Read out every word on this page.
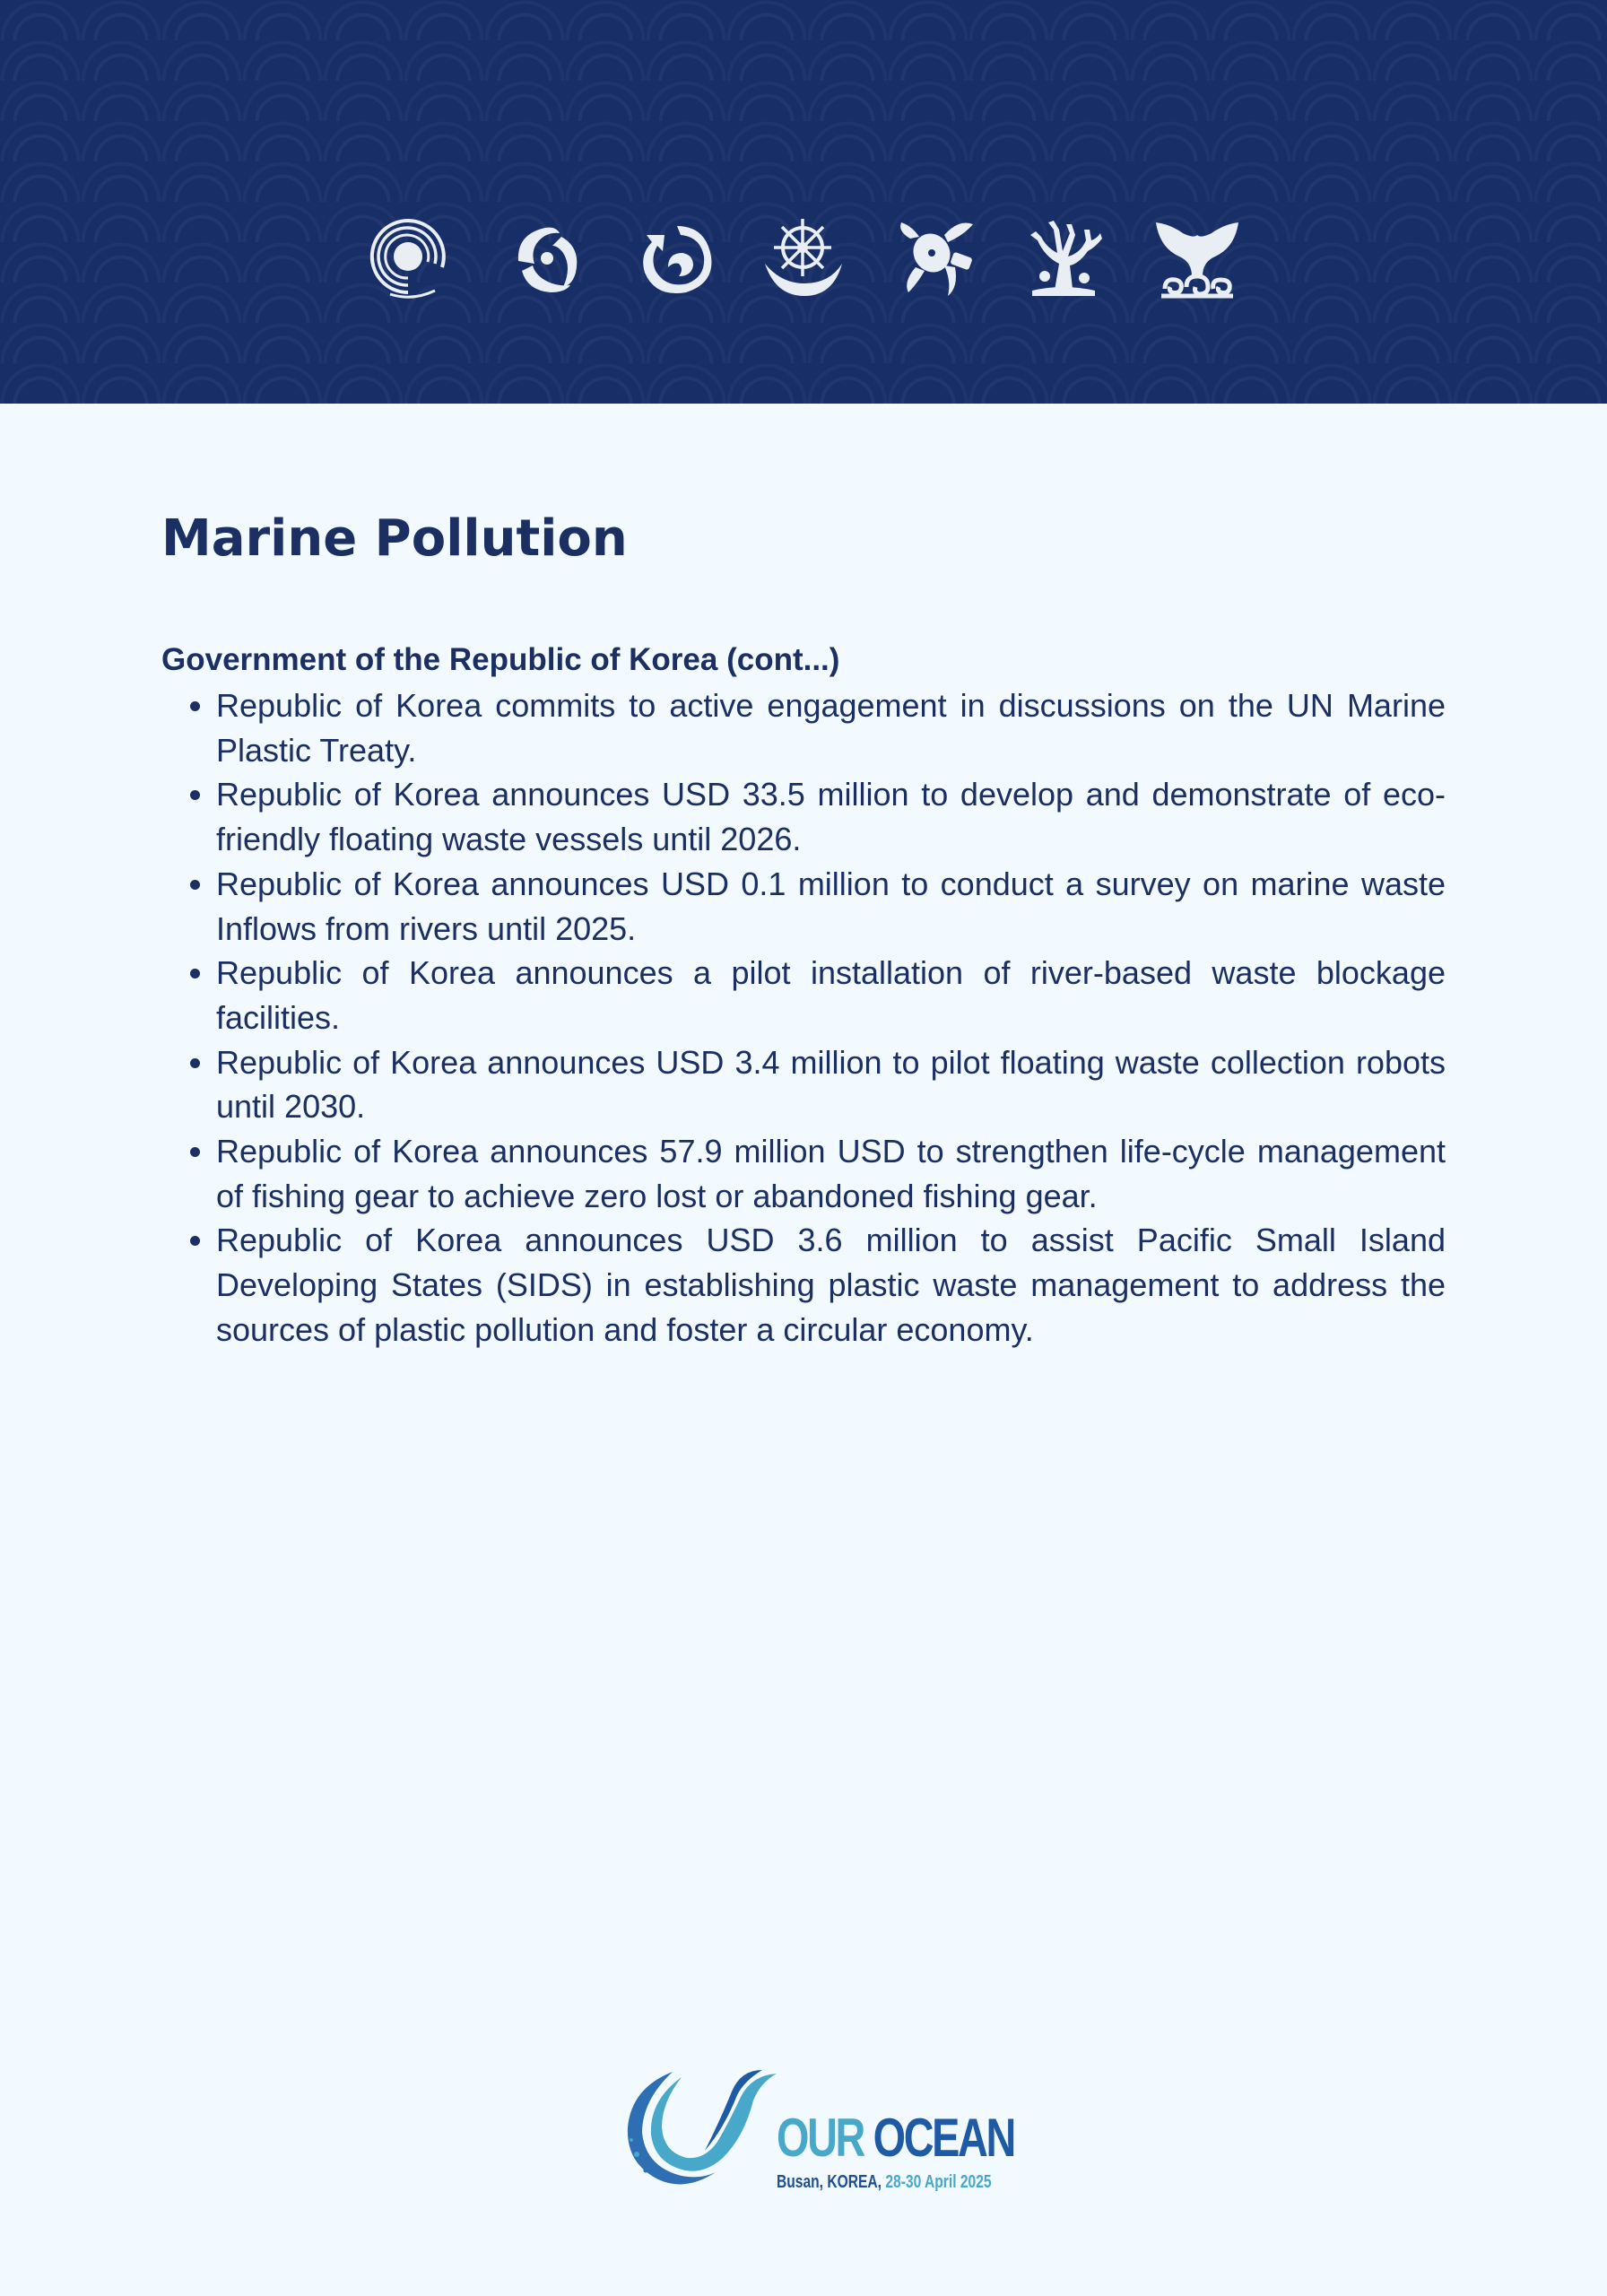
Marine Pollution
Government of the Republic of Korea (cont...)
• Republic of Korea commits to active engagement in discussions on the UN Marine Plastic Treaty.
• Republic of Korea announces USD 33.5 million to develop and demonstrate of eco-friendly floating waste vessels until 2026.
• Republic of Korea announces USD 0.1 million to conduct a survey on marine waste Inflows from rivers until 2025.
• Republic of Korea announces a pilot installation of river-based waste blockage facilities.
• Republic of Korea announces USD 3.4 million to pilot floating waste collection robots until 2030.
• Republic of Korea announces 57.9 million USD to strengthen life-cycle management of fishing gear to achieve zero lost or abandoned fishing gear.
• Republic of Korea announces USD 3.6 million to assist Pacific Small Island Developing States (SIDS) in establishing plastic waste management to address the sources of plastic pollution and foster a circular economy.
OUR OCEAN
Busan, KOREA, 28-30 April 2025
